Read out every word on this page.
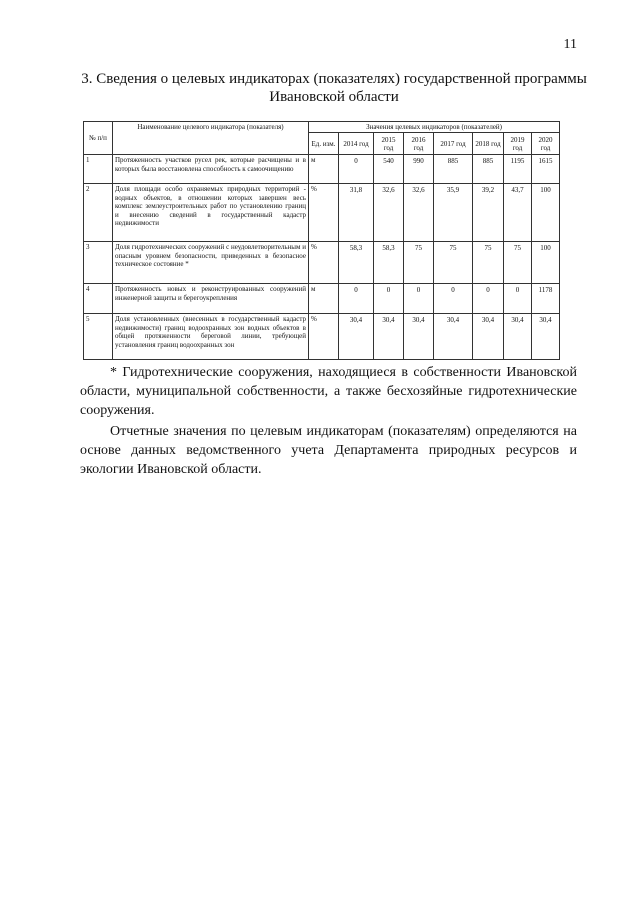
11
3. Сведения о целевых индикаторах (показателях) государственной программы Ивановской области
№ п/п	Наименование целевого индикатора (показателя)	Значения целевых индикаторов (показателей)							
		Ед. изм.	2014 год	2015 год	2016 год	2017 год	2018 год	2019 год	2020 год
1	Протяженность участков русел рек, которые расчищены и в которых была восстановлена способность к самоочищению	м	0	540	990	885	885	1195	1615
2	Доля площади особо охраняемых природных территорий - водных объектов, в отношении которых завершен весь комплекс землеустроительных работ по установлению границ и внесению сведений в государственный кадастр недвижимости	%	31,8	32,6	32,6	35,9	39,2	43,7	100
3	Доля гидротехнических сооружений с неудовлетворительным и опасным уровнем безопасности, приведенных в безопасное техническое состояние *	%	58,3	58,3	75	75	75	75	100
4	Протяженность новых и реконструированных сооружений инженерной защиты и берегоукрепления	м	0	0	0	0	0	0	1178
5	Доля установленных (внесенных в государственный кадастр недвижимости) границ водоохранных зон водных объектов в общей протяженности береговой линии, требующей установления границ водоохранных зон	%	30,4	30,4	30,4	30,4	30,4	30,4	30,4

* Гидротехнические сооружения, находящиеся в собственности Ивановской области, муниципальной собственности, а также бесхозяйные гидротехнические сооружения.

Отчетные значения по целевым индикаторам (показателям) определяются на основе данных ведомственного учета Департамента природных ресурсов и экологии Ивановской области.
